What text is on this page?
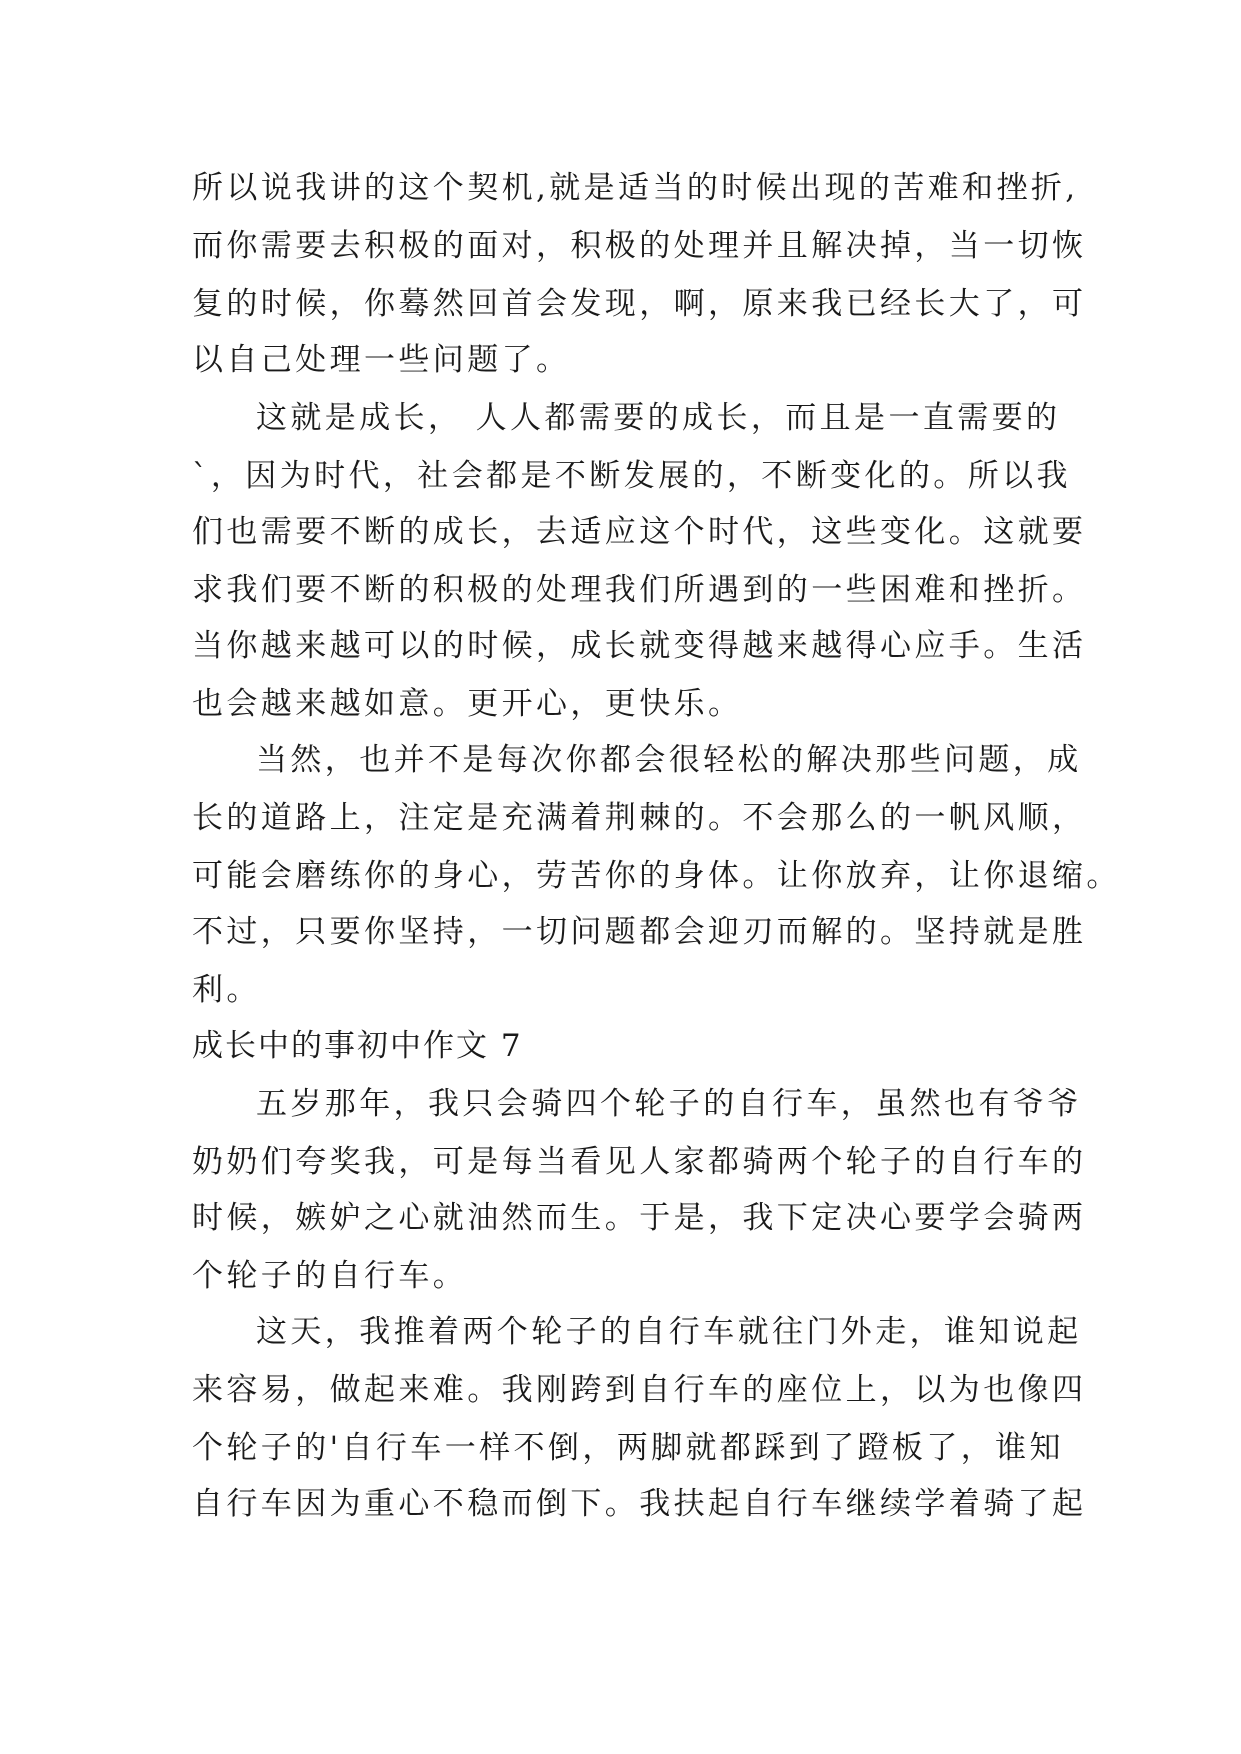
所以说我讲的这个契机,就是适当的时候出现的苦难和挫折,

而你需要去积极的面对，积极的处理并且解决掉，当一切恢

复的时候，你蓦然回首会发现，啊，原来我已经长大了，可

以自己处理一些问题了。

这就是成长， 人人都需要的成长，而且是一直需要的

`，因为时代，社会都是不断发展的，不断变化的。所以我

们也需要不断的成长，去适应这个时代，这些变化。这就要

求我们要不断的积极的处理我们所遇到的一些困难和挫折。

当你越来越可以的时候，成长就变得越来越得心应手。生活

也会越来越如意。更开心，更快乐。

当然，也并不是每次你都会很轻松的解决那些问题，成

长的道路上，注定是充满着荆棘的。不会那么的一帆风顺，

可能会磨练你的身心，劳苦你的身体。让你放弃，让你退缩。

不过，只要你坚持，一切问题都会迎刃而解的。坚持就是胜

利。

成长中的事初中作文 7

五岁那年，我只会骑四个轮子的自行车，虽然也有爷爷

奶奶们夸奖我，可是每当看见人家都骑两个轮子的自行车的

时候，嫉妒之心就油然而生。于是，我下定决心要学会骑两

个轮子的自行车。

这天，我推着两个轮子的自行车就往门外走，谁知说起

来容易，做起来难。我刚跨到自行车的座位上，以为也像四

个轮子的'自行车一样不倒，两脚就都踩到了蹬板了，谁知

自行车因为重心不稳而倒下。我扶起自行车继续学着骑了起
